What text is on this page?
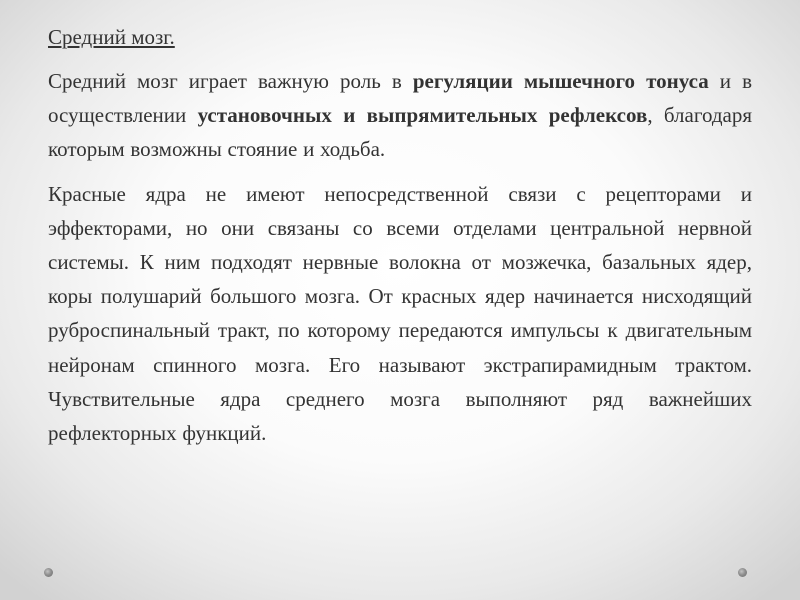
Средний мозг.

Средний мозг играет важную роль в регуляции мышечного тонуса и в осуществлении установочных и выпрямительных рефлексов, благодаря которым возможны стояние и ходьба.

Красные ядра не имеют непосредственной связи с рецепторами и эффекторами, но они связаны со всеми отделами центральной нервной системы. К ним подходят нервные волокна от мозжечка, базальных ядер, коры полушарий большого мозга. От красных ядер начинается нисходящий руброспинальный тракт, по которому передаются импульсы к двигательным нейронам спинного мозга. Его называют экстрапирамидным трактом. Чувствительные ядра среднего мозга выполняют ряд важнейших рефлекторных функций.
